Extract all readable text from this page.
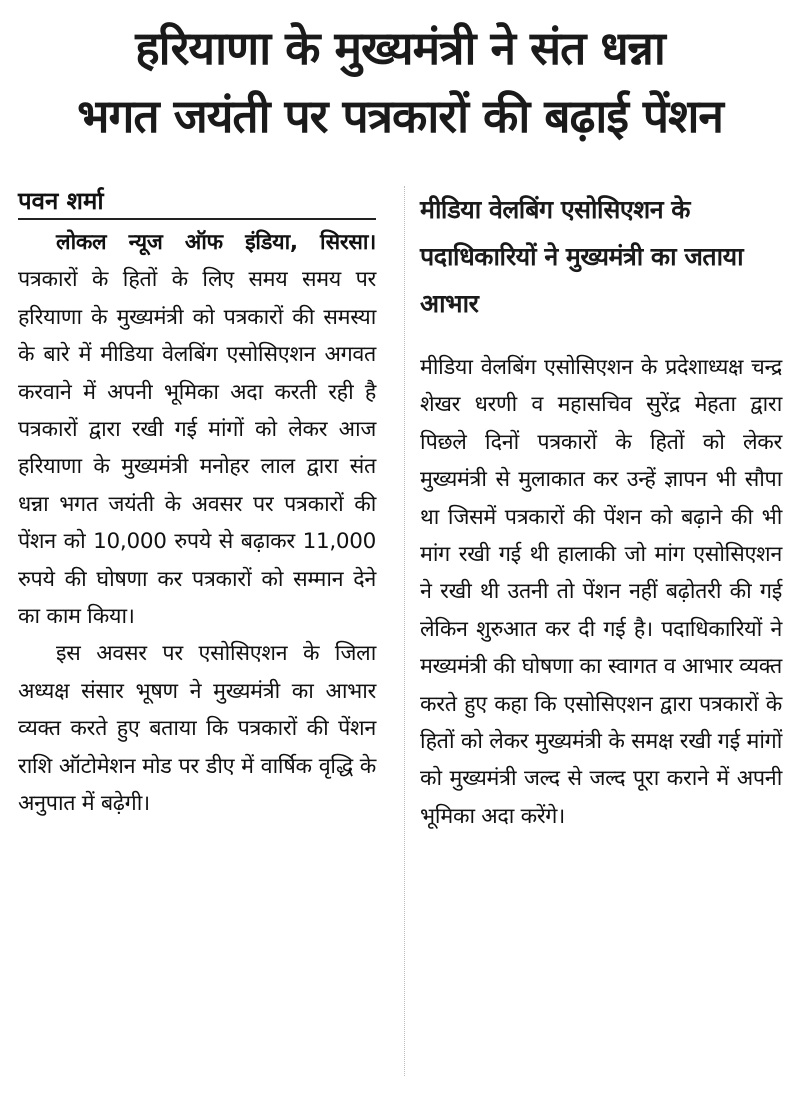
हरियाणा के मुख्यमंत्री ने संत धन्ना
भगत जयंती पर पत्रकारों की बढ़ाई पेंशन
पवन शर्मा

लोकल न्यूज ऑफ इंडिया, सिरसा। पत्रकारों के हितों के लिए समय समय पर हरियाणा के मुख्यमंत्री को पत्रकारों की समस्या के बारे में मीडिया वेलबिंग एसोसिएशन अगवत करवाने में अपनी भूमिका अदा करती रही है पत्रकारों द्वारा रखी गई मांगों को लेकर आज हरियाणा के मुख्यमंत्री मनोहर लाल द्वारा संत धन्ना भगत जयंती के अवसर पर पत्रकारों की पेंशन को 10,000 रुपये से बढ़ाकर 11,000 रुपये की घोषणा कर पत्रकारों को सम्मान देने का काम किया।

इस अवसर पर एसोसिएशन के जिला अध्यक्ष संसार भूषण ने मुख्यमंत्री का आभार व्यक्त करते हुए बताया कि पत्रकारों की पेंशन राशि ऑटोमेशन मोड पर डीए में वार्षिक वृद्धि के अनुपात में बढ़ेगी।

मीडिया वेलबिंग एसोसिएशन के पदाधिकारियों ने मुख्यमंत्री का जताया आभार

मीडिया वेलबिंग एसोसिएशन के प्रदेशाध्यक्ष चन्द्र शेखर धरणी व महासचिव सुरेंद्र मेहता द्वारा पिछले दिनों पत्रकारों के हितों को लेकर मुख्यमंत्री से मुलाकात कर उन्हें ज्ञापन भी सौपा था जिसमें पत्रकारों की पेंशन को बढ़ाने की भी मांग रखी गई थी हालाकी जो मांग एसोसिएशन ने रखी थी उतनी तो पेंशन नहीं बढ़ोतरी की गई लेकिन शुरुआत कर दी गई है। पदाधिकारियों ने मख्यमंत्री की घोषणा का स्वागत व आभार व्यक्त करते हुए कहा कि एसोसिएशन द्वारा पत्रकारों के हितों को लेकर मुख्यमंत्री के समक्ष रखी गई मांगों को मुख्यमंत्री जल्द से जल्द पूरा कराने में अपनी भूमिका अदा करेंगे।
